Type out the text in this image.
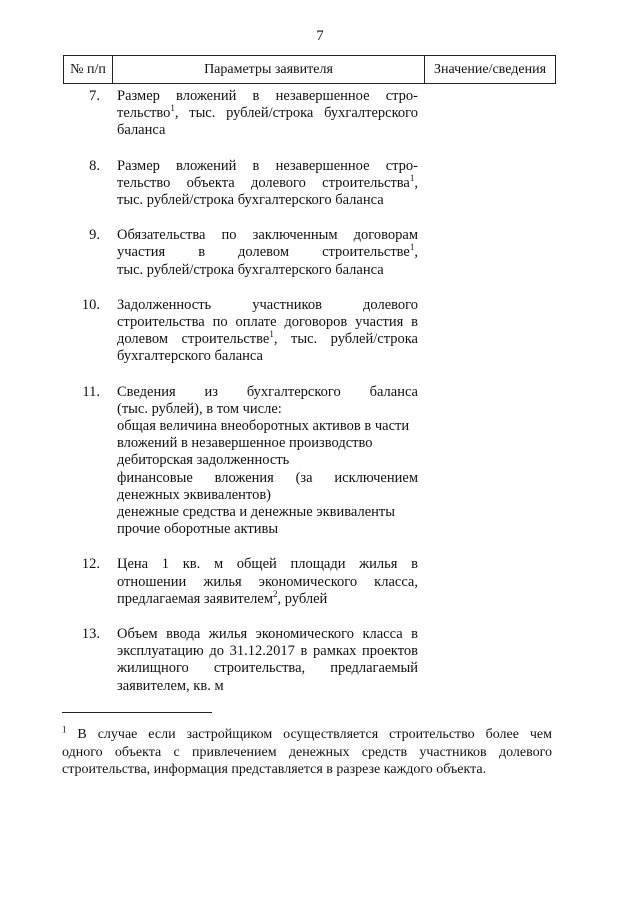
7
№ п/п	Параметры заявителя	Значение/сведения
7. Размер вложений в незавершенное стро-
тельство$^1$, тыс. рублей/строка бухгалтерского
баланса
8. Размер вложений в незавершенное стро-
тельство объекта долевого строительства$^1$,
тыс. рублей/строка бухгалтерского баланса
9. Обязательства по заключенным договорам
участия в долевом строительстве$^1$,
тыс. рублей/строка бухгалтерского баланса
10. Задолженность участников долевого
строительства по оплате договоров участия в
долевом строительстве$^1$, тыс. рублей/строка
бухгалтерского баланса
11. Сведения из бухгалтерского баланса
(тыс. рублей), в том числе:
общая величина внеоборотных активов в части
вложений в незавершенное производство
дебиторская задолженность
финансовые вложения (за исключением
денежных эквивалентов)
денежные средства и денежные эквиваленты
прочие оборотные активы
12. Цена 1 кв. м общей площади жилья в
отношении жилья экономического класса,
предлагаемая заявителем$^2$, рублей
13. Объем ввода жилья экономического класса в
эксплуатацию до 31.12.2017 в рамках проектов
жилищного строительства, предлагаемый
заявителем, кв. м
$^1$ В случае если застройщиком осуществляется строительство более чем
одного объекта с привлечением денежных средств участников долевого
строительства, информация представляется в разрезе каждого объекта.
